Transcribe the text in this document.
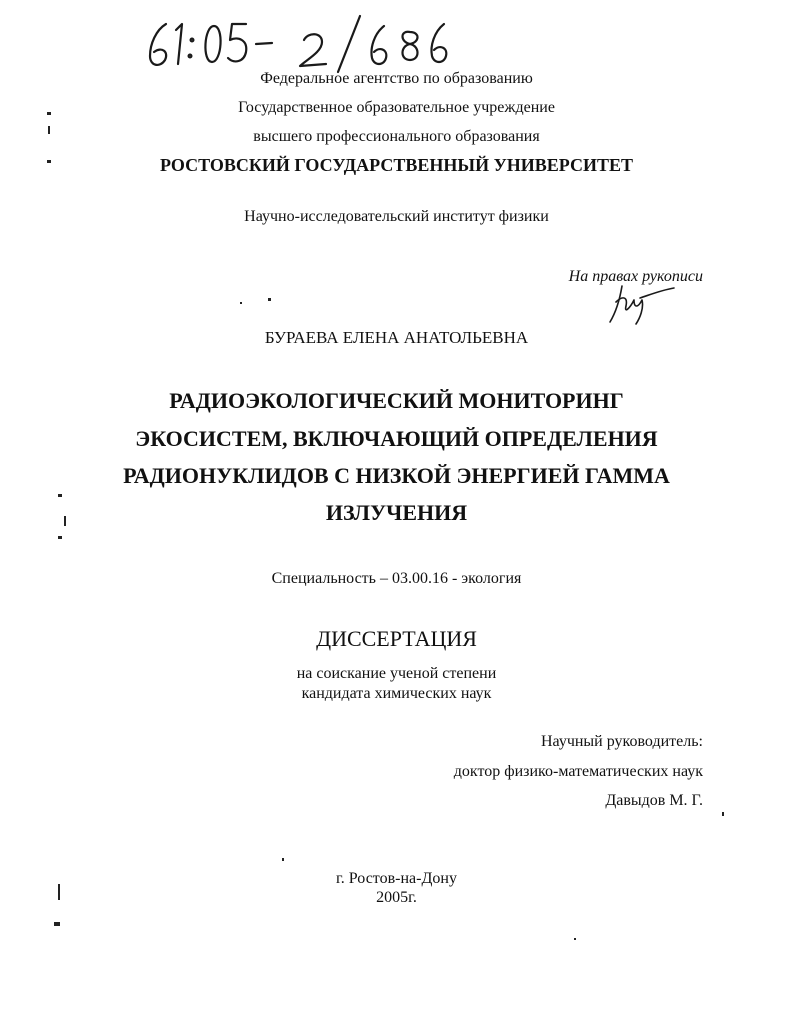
Федеральное агентство по образованию
Государственное образовательное учреждение
высшего профессионального образования
РОСТОВСКИЙ ГОСУДАРСТВЕННЫЙ УНИВЕРСИТЕТ
Научно-исследовательский институт физики
На правах рукописи
БУРАЕВА ЕЛЕНА АНАТОЛЬЕВНА
РАДИОЭКОЛОГИЧЕСКИЙ МОНИТОРИНГ
ЭКОСИСТЕМ, ВКЛЮЧАЮЩИЙ ОПРЕДЕЛЕНИЯ
РАДИОНУКЛИДОВ С НИЗКОЙ ЭНЕРГИЕЙ ГАММА
ИЗЛУЧЕНИЯ
Специальность – 03.00.16 - экология
ДИССЕРТАЦИЯ
на соискание ученой степени
кандидата химических наук
Научный руководитель:
доктор физико-математических наук
Давыдов М. Г.
г. Ростов-на-Дону
2005г.
